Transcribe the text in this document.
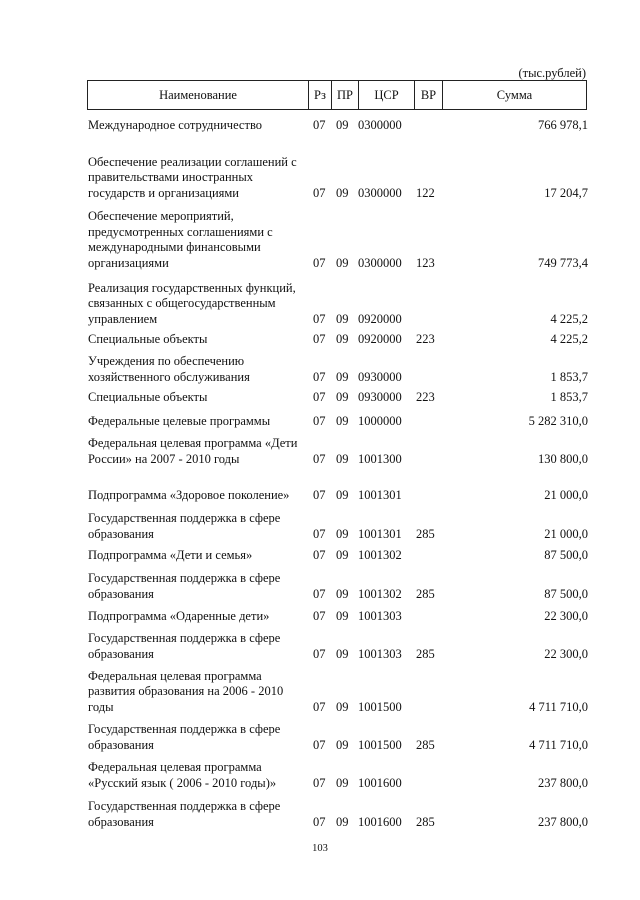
(тыс.рублей)
Наименование	Рз ПР	ЦСР	ВР	Сумма
Международное сотрудничество	07 09 0300000	766 978,1
Обеспечение реализации соглашений с правительствами иностранных государств и организациями	07 09 0300000 122	17 204,7
Обеспечение мероприятий, предусмотренных соглашениями с международными финансовыми организациями	07 09 0300000 123	749 773,4
Реализация государственных функций, связанных с общегосударственным управлением	07 09 0920000	4 225,2
Специальные объекты	07 09 0920000 223	4 225,2
Учреждения по обеспечению хозяйственного обслуживания	07 09 0930000	1 853,7
Специальные объекты	07 09 0930000 223	1 853,7
Федеральные целевые программы	07 09 1000000	5 282 310,0
Федеральная целевая программа «Дети России» на 2007 - 2010 годы	07 09 1001300	130 800,0
Подпрограмма «Здоровое поколение»	07 09 1001301	21 000,0
Государственная поддержка в сфере образования	07 09 1001301 285	21 000,0
Подпрограмма «Дети и семья»	07 09 1001302	87 500,0
Государственная поддержка в сфере образования	07 09 1001302 285	87 500,0
Подпрограмма «Одаренные дети»	07 09 1001303	22 300,0
Государственная поддержка в сфере образования	07 09 1001303 285	22 300,0
Федеральная целевая программа развития образования на 2006 - 2010 годы	07 09 1001500	4 711 710,0
Государственная поддержка в сфере образования	07 09 1001500 285	4 711 710,0
Федеральная целевая программа «Русский язык ( 2006 - 2010 годы)»	07 09 1001600	237 800,0
Государственная поддержка в сфере образования	07 09 1001600 285	237 800,0
103
